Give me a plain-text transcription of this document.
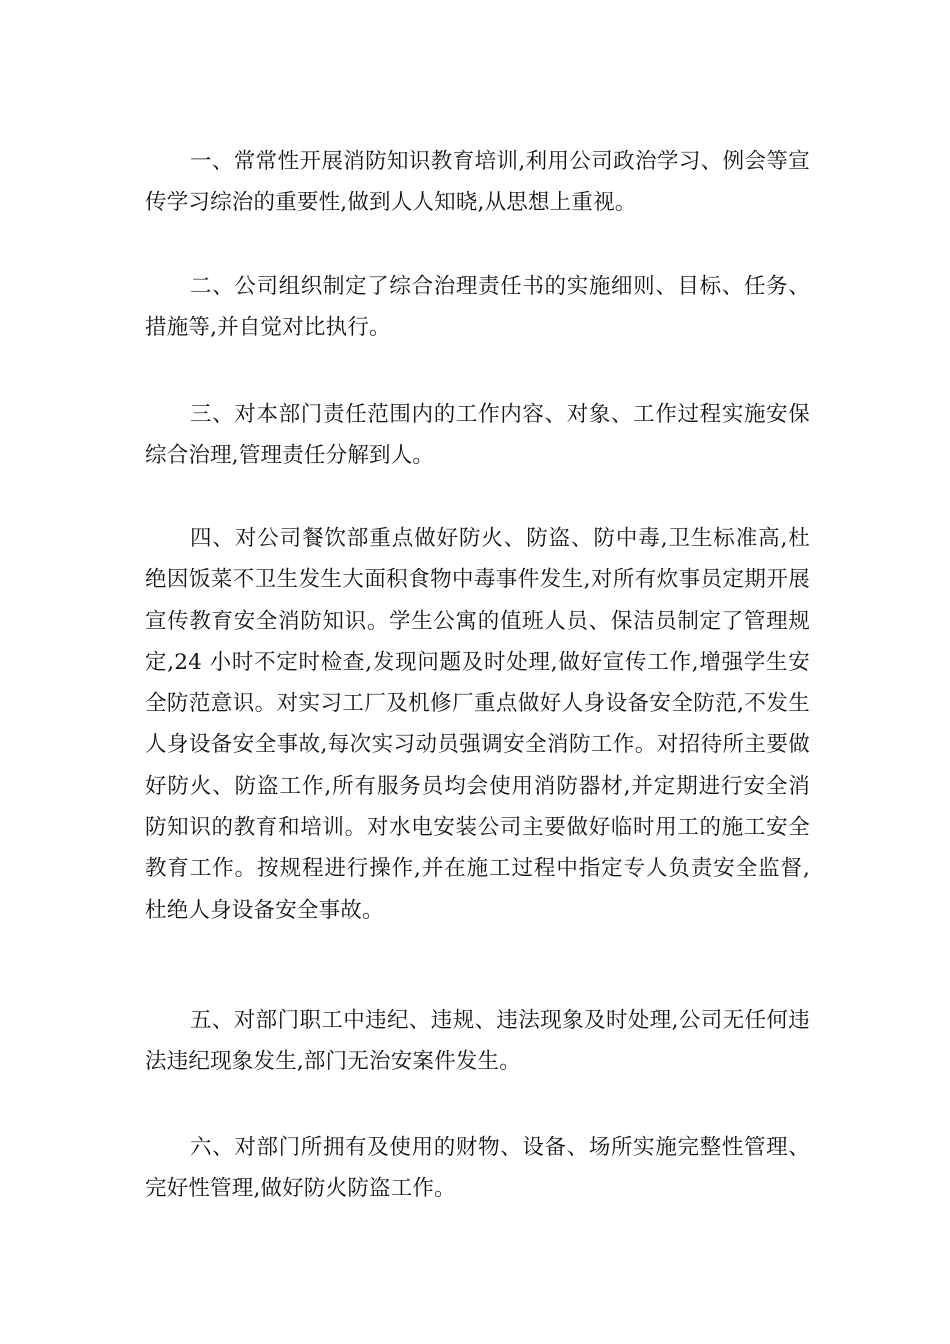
一、常常性开展消防知识教育培训,利用公司政治学习、例会等宣传学习综治的重要性,做到人人知晓,从思想上重视。

二、公司组织制定了综合治理责任书的实施细则、目标、任务、措施等,并自觉对比执行。

三、对本部门责任范围内的工作内容、对象、工作过程实施安保综合治理,管理责任分解到人。

四、对公司餐饮部重点做好防火、防盗、防中毒,卫生标准高,杜绝因饭菜不卫生发生大面积食物中毒事件发生,对所有炊事员定期开展宣传教育安全消防知识。学生公寓的值班人员、保洁员制定了管理规定,24 小时不定时检查,发现问题及时处理,做好宣传工作,增强学生安全防范意识。对实习工厂及机修厂重点做好人身设备安全防范,不发生人身设备安全事故,每次实习动员强调安全消防工作。对招待所主要做好防火、防盗工作,所有服务员均会使用消防器材,并定期进行安全消防知识的教育和培训。对水电安装公司主要做好临时用工的施工安全教育工作。按规程进行操作,并在施工过程中指定专人负责安全监督,杜绝人身设备安全事故。

五、对部门职工中违纪、违规、违法现象及时处理,公司无任何违法违纪现象发生,部门无治安案件发生。

六、对部门所拥有及使用的财物、设备、场所实施完整性管理、完好性管理,做好防火防盗工作。
